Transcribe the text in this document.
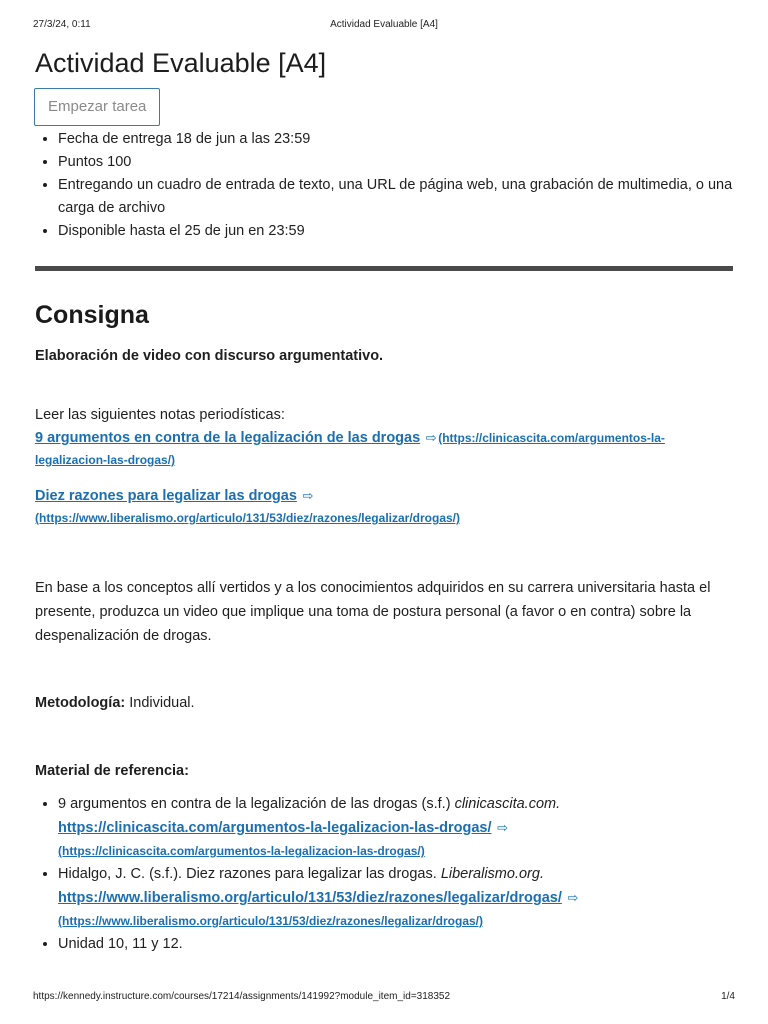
27/3/24, 0:11	Actividad Evaluable [A4]
Actividad Evaluable [A4]
Empezar tarea
• Fecha de entrega 18 de jun a las 23:59
• Puntos 100
• Entregando un cuadro de entrada de texto, una URL de página web, una grabación de multimedia, o una carga de archivo
• Disponible hasta el 25 de jun en 23:59
Consigna

Elaboración de video con discurso argumentativo.

Leer las siguientes notas periodísticas:

9 argumentos en contra de la legalización de las drogas ⇨ (https://clinicascita.com/argumentos-la-
legalizacion-las-drogas/)

Diez razones para legalizar las drogas ⇨
(https://www.liberalismo.org/articulo/131/53/diez/razones/legalizar/drogas/)

En base a los conceptos allí vertidos y a los conocimientos adquiridos en su carrera universitaria hasta el presente, produzca un video que implique una toma de postura personal (a favor o en contra) sobre la despenalización de drogas.

Metodología: Individual.

Material de referencia:

• 9 argumentos en contra de la legalización de las drogas (s.f.) clinicascita.com.
https://clinicascita.com/argumentos-la-legalizacion-las-drogas/ ⇨
(https://clinicascita.com/argumentos-la-legalizacion-las-drogas/)
• Hidalgo, J. C. (s.f.). Diez razones para legalizar las drogas. Liberalismo.org.
https://www.liberalismo.org/articulo/131/53/diez/razones/legalizar/drogas/ ⇨
(https://www.liberalismo.org/articulo/131/53/diez/razones/legalizar/drogas/)
• Unidad 10, 11 y 12.
https://kennedy.instructure.com/courses/17214/assignments/141992?module_item_id=318352	1/4
